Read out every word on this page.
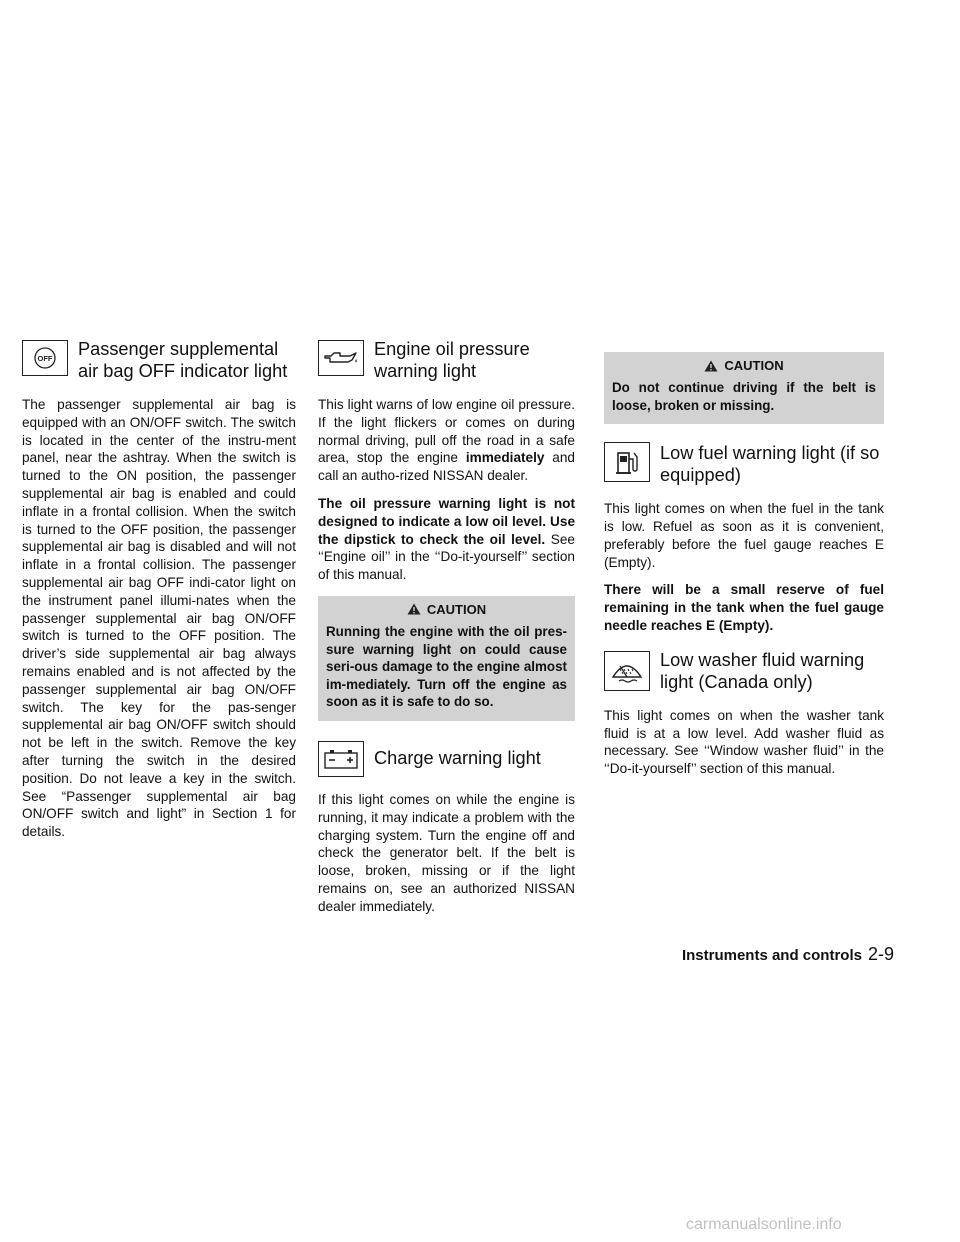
OFF Passenger supplemental air bag OFF indicator light

The passenger supplemental air bag is equipped with an ON/OFF switch. The switch is located in the center of the instru-ment panel, near the ashtray. When the switch is turned to the ON position, the passenger supplemental air bag is enabled and could inflate in a frontal collision. When the switch is turned to the OFF position, the passenger supplemental air bag is disabled and will not inflate in a frontal collision. The passenger supplemental air bag OFF indi-cator light on the instrument panel illumi-nates when the passenger supplemental air bag ON/OFF switch is turned to the OFF position. The driver’s side supplemental air bag always remains enabled and is not affected by the passenger supplemental air bag ON/OFF switch. The key for the pas-senger supplemental air bag ON/OFF switch should not be left in the switch. Remove the key after turning the switch in the desired position. Do not leave a key in the switch. See “Passenger supplemental air bag ON/OFF switch and light” in Section 1 for details.

Engine oil pressure warning light

This light warns of low engine oil pressure. If the light flickers or comes on during normal driving, pull off the road in a safe area, stop the engine immediately and call an autho-rized NISSAN dealer.

The oil pressure warning light is not designed to indicate a low oil level. Use the dipstick to check the oil level. See ‘‘Engine oil’’ in the ‘‘Do-it-yourself’’ section of this manual.

CAUTION
Running the engine with the oil pres-sure warning light on could cause seri-ous damage to the engine almost im-mediately. Turn off the engine as soon as it is safe to do so.
Charge warning light

If this light comes on while the engine is running, it may indicate a problem with the charging system. Turn the engine off and check the generator belt. If the belt is loose, broken, missing or if the light remains on, see an authorized NISSAN dealer immediately.

CAUTION
Do not continue driving if the belt is loose, broken or missing.
Low fuel warning light (if so equipped)

This light comes on when the fuel in the tank is low. Refuel as soon as it is convenient, preferably before the fuel gauge reaches E (Empty).

There will be a small reserve of fuel remaining in the tank when the fuel gauge needle reaches E (Empty).

Low washer fluid warning light (Canada only)

This light comes on when the washer tank fluid is at a low level. Add washer fluid as necessary. See ‘‘Window washer fluid’’ in the ‘‘Do-it-yourself’’ section of this manual.

Instruments and controls 2-9
carmanualsonline.info
